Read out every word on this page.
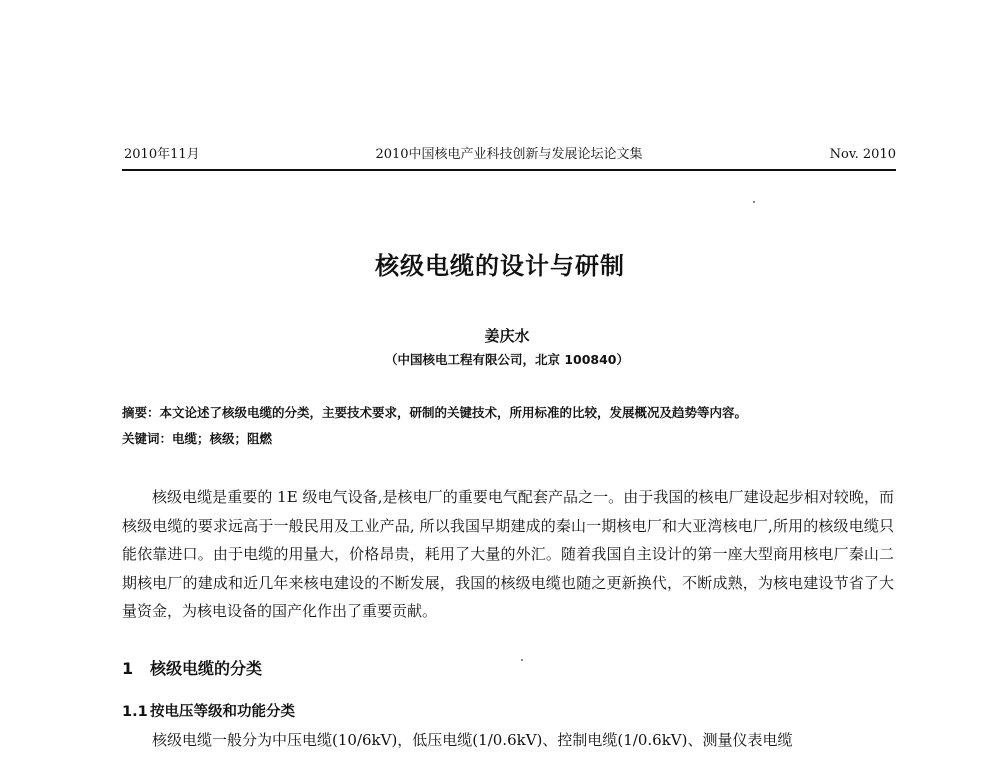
2010年11月	2010中国核电产业科技创新与发展论坛论文集	Nov. 2010
核级电缆的设计与研制
姜庆水
（中国核电工程有限公司，北京 100840）
摘要：本文论述了核级电缆的分类，主要技术要求，研制的关键技术，所用标准的比较，发展概况及趋势等内容。
关键词：电缆；核级；阻燃

核级电缆是重要的 1E 级电气设备,是核电厂的重要电气配套产品之一。由于我国的核电厂建设起步相对较晚，而核级电缆的要求远高于一般民用及工业产品, 所以我国早期建成的秦山一期核电厂和大亚湾核电厂,所用的核级电缆只能依靠进口。由于电缆的用量大，价格昂贵，耗用了大量的外汇。随着我国自主设计的第一座大型商用核电厂秦山二期核电厂的建成和近几年来核电建设的不断发展，我国的核级电缆也随之更新换代，不断成熟，为核电建设节省了大量资金，为核电设备的国产化作出了重要贡献。

1 核级电缆的分类
1.1 按电压等级和功能分类

核级电缆一般分为中压电缆(10/6kV)，低压电缆(1/0.6kV)、控制电缆(1/0.6kV)、测量仪表电缆
